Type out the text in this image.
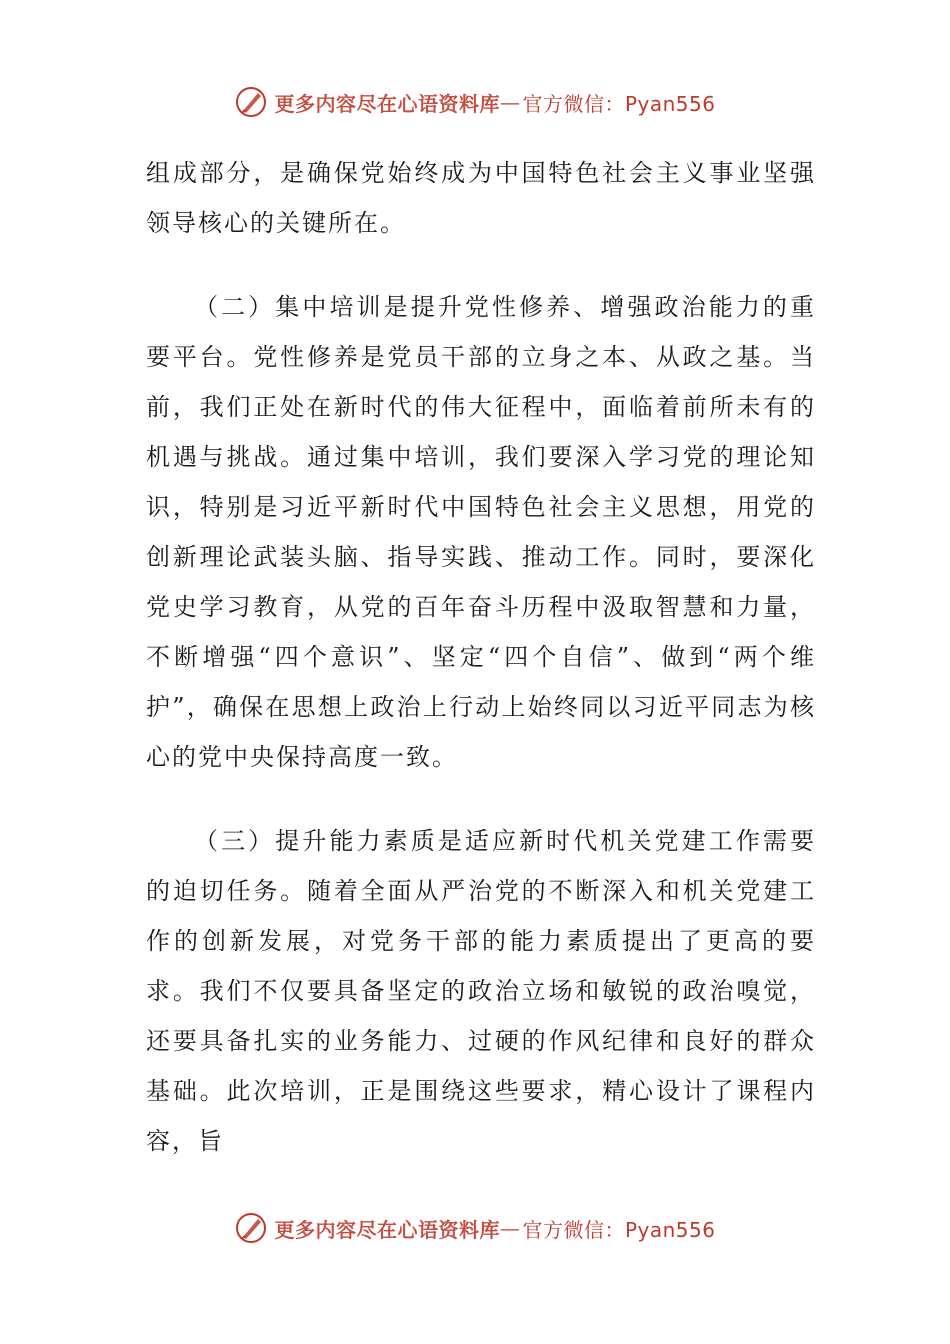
更多内容尽在心语资料库 — 官方微信：Pyan556

组成部分，是确保党始终成为中国特色社会主义事业坚强领导核心的关键所在。

（二）集中培训是提升党性修养、增强政治能力的重要平台。党性修养是党员干部的立身之本、从政之基。当前，我们正处在新时代的伟大征程中，面临着前所未有的机遇与挑战。通过集中培训，我们要深入学习党的理论知识，特别是习近平新时代中国特色社会主义思想，用党的创新理论武装头脑、指导实践、推动工作。同时，要深化党史学习教育，从党的百年奋斗历程中汲取智慧和力量，不断增强“四个意识”、坚定“四个自信”、做到“两个维护”，确保在思想上政治上行动上始终同以习近平同志为核心的党中央保持高度一致。

（三）提升能力素质是适应新时代机关党建工作需要的迫切任务。随着全面从严治党的不断深入和机关党建工作的创新发展，对党务干部的能力素质提出了更高的要求。我们不仅要具备坚定的政治立场和敏锐的政治嗅觉，还要具备扎实的业务能力、过硬的作风纪律和良好的群众基础。此次培训，正是围绕这些要求，精心设计了课程内容，旨

更多内容尽在心语资料库 — 官方微信：Pyan556
